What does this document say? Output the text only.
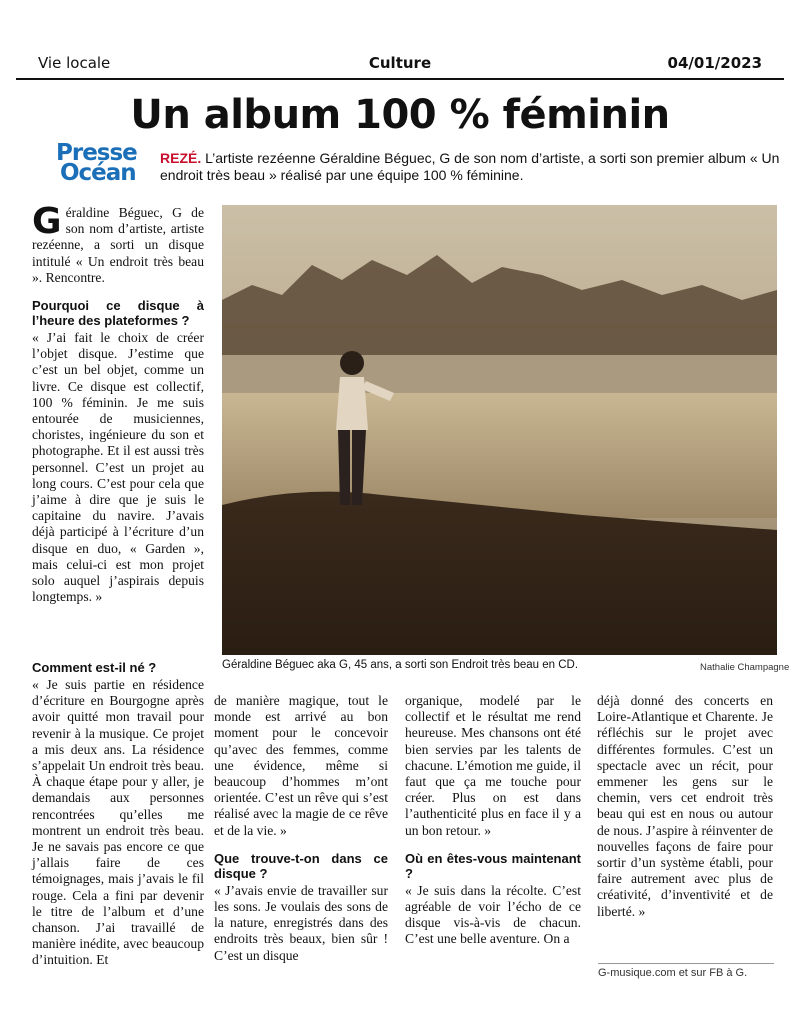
Vie locale	Culture	04/01/2023
Un album 100 % féminin
Presse
Océan
REZÉ. L’artiste rezéenne Géraldine Béguec, G de son nom d’artiste, a sorti son premier album « Un endroit très beau » réalisé par une équipe 100 % féminine.
Géraldine Béguec aka G, 45 ans, a sorti son Endroit très beau en CD.	Nathalie Champagne

Géraldine Béguec, G de son nom d’artiste, artiste rezéenne, a sorti un disque intitulé « Un endroit très beau ». Rencontre.

Pourquoi ce disque à l’heure des plateformes ?

« J’ai fait le choix de créer l’objet disque. J’estime que c’est un bel objet, comme un livre. Ce disque est collectif, 100 % féminin. Je me suis entourée de musiciennes, choristes, ingénieure du son et photographe. Et il est aussi très personnel. C’est un projet au long cours. C’est pour cela que j’aime à dire que je suis le capitaine du navire. J’avais déjà participé à l’écriture d’un disque en duo, « Garden », mais celui-ci est mon projet solo auquel j’aspirais depuis longtemps. »

Comment est-il né ?

« Je suis partie en résidence d’écriture en Bourgogne après avoir quitté mon travail pour revenir à la musique. Ce projet a mis deux ans. La résidence s’appelait Un endroit très beau. À chaque étape pour y aller, je demandais aux personnes rencontrées qu’elles me montrent un endroit très beau. Je ne savais pas encore ce que j’allais faire de ces témoignages, mais j’avais le fil rouge. Cela a fini par devenir le titre de l’album et d’une chanson. J’ai travaillé de manière inédite, avec beaucoup d’intuition. Et

de manière magique, tout le monde est arrivé au bon moment pour le concevoir qu’avec des femmes, comme une évidence, même si beaucoup d’hommes m’ont orientée. C’est un rêve qui s’est réalisé avec la magie de ce rêve et de la vie. »

Que trouve-t-on dans ce disque ?

« J’avais envie de travailler sur les sons. Je voulais des sons de la nature, enregistrés dans des endroits très beaux, bien sûr ! C’est un disque

organique, modelé par le collectif et le résultat me rend heureuse. Mes chansons ont été bien servies par les talents de chacune. L’émotion me guide, il faut que ça me touche pour créer. Plus on est dans l’authenticité plus en face il y a un bon retour. »

Où en êtes-vous maintenant ?

« Je suis dans la récolte. C’est agréable de voir l’écho de ce disque vis-à-vis de chacun. C’est une belle aventure. On a

déjà donné des concerts en Loire-Atlantique et Charente. Je réfléchis sur le projet avec différentes formules. C’est un spectacle avec un récit, pour emmener les gens sur le chemin, vers cet endroit très beau qui est en nous ou autour de nous. J’aspire à réinventer de nouvelles façons de faire pour sortir d’un système établi, pour faire autrement avec plus de créativité, d’inventivité et de liberté. »

G-musique.com et sur FB à G.
